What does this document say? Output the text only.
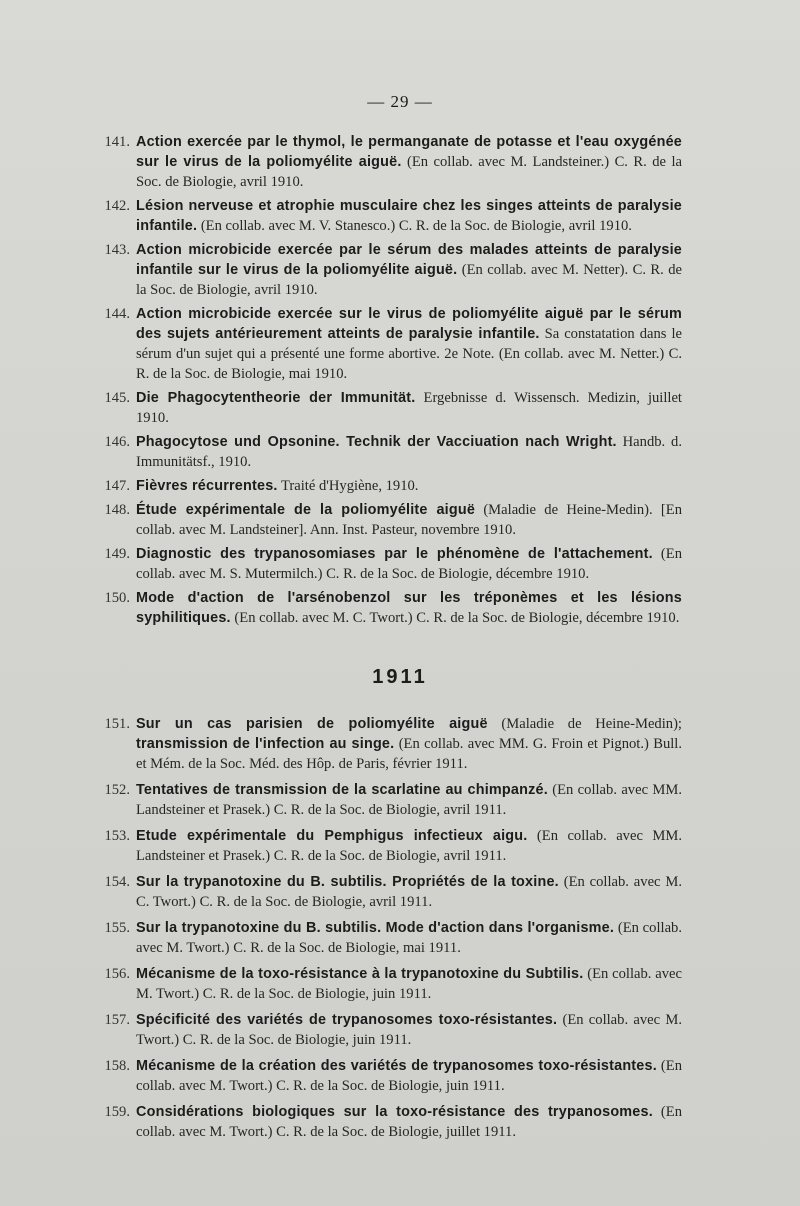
— 29 —
141. Action exercée par le thymol, le permanganate de potasse et l'eau oxygénée sur le virus de la poliomyélite aiguë. (En collab. avec M. Landsteiner.) C. R. de la Soc. de Biologie, avril 1910.
142. Lésion nerveuse et atrophie musculaire chez les singes atteints de paralysie infantile. (En collab. avec M. V. Stanesco.) C. R. de la Soc. de Biologie, avril 1910.
143. Action microbicide exercée par le sérum des malades atteints de paralysie infantile sur le virus de la poliomyélite aiguë. (En collab. avec M. Netter). C. R. de la Soc. de Biologie, avril 1910.
144. Action microbicide exercée sur le virus de poliomyélite aiguë par le sérum des sujets antérieurement atteints de paralysie infantile. Sa constatation dans le sérum d'un sujet qui a présenté une forme abortive. 2e Note. (En collab. avec M. Netter.) C. R. de la Soc. de Biologie, mai 1910.
145. Die Phagocytentheorie der Immunität. Ergebnisse d. Wissensch. Medizin, juillet 1910.
146. Phagocytose und Opsonine. Technik der Vacciuation nach Wright. Handb. d. Immunitätsf., 1910.
147. Fièvres récurrentes. Traité d'Hygiène, 1910.
148. Étude expérimentale de la poliomyélite aiguë (Maladie de Heine-Medin). [En collab. avec M. Landsteiner]. Ann. Inst. Pasteur, novembre 1910.
149. Diagnostic des trypanosomiases par le phénomène de l'attachement. (En collab. avec M. S. Mutermilch.) C. R. de la Soc. de Biologie, décembre 1910.
150. Mode d'action de l'arsénobenzol sur les tréponèmes et les lésions syphilitiques. (En collab. avec M. C. Twort.) C. R. de la Soc. de Biologie, décembre 1910.
1911
151. Sur un cas parisien de poliomyélite aiguë (Maladie de Heine-Medin); transmission de l'infection au singe. (En collab. avec MM. G. Froin et Pignot.) Bull. et Mém. de la Soc. Méd. des Hôp. de Paris, février 1911.
152. Tentatives de transmission de la scarlatine au chimpanzé. (En collab. avec MM. Landsteiner et Prasek.) C. R. de la Soc. de Biologie, avril 1911.
153. Etude expérimentale du Pemphigus infectieux aigu. (En collab. avec MM. Landsteiner et Prasek.) C. R. de la Soc. de Biologie, avril 1911.
154. Sur la trypanotoxine du B. subtilis. Propriétés de la toxine. (En collab. avec M. C. Twort.) C. R. de la Soc. de Biologie, avril 1911.
155. Sur la trypanotoxine du B. subtilis. Mode d'action dans l'organisme. (En collab. avec M. Twort.) C. R. de la Soc. de Biologie, mai 1911.
156. Mécanisme de la toxo-résistance à la trypanotoxine du Subtilis. (En collab. avec M. Twort.) C. R. de la Soc. de Biologie, juin 1911.
157. Spécificité des variétés de trypanosomes toxo-résistantes. (En collab. avec M. Twort.) C. R. de la Soc. de Biologie, juin 1911.
158. Mécanisme de la création des variétés de trypanosomes toxo-résistantes. (En collab. avec M. Twort.) C. R. de la Soc. de Biologie, juin 1911.
159. Considérations biologiques sur la toxo-résistance des trypanosomes. (En collab. avec M. Twort.) C. R. de la Soc. de Biologie, juillet 1911.
